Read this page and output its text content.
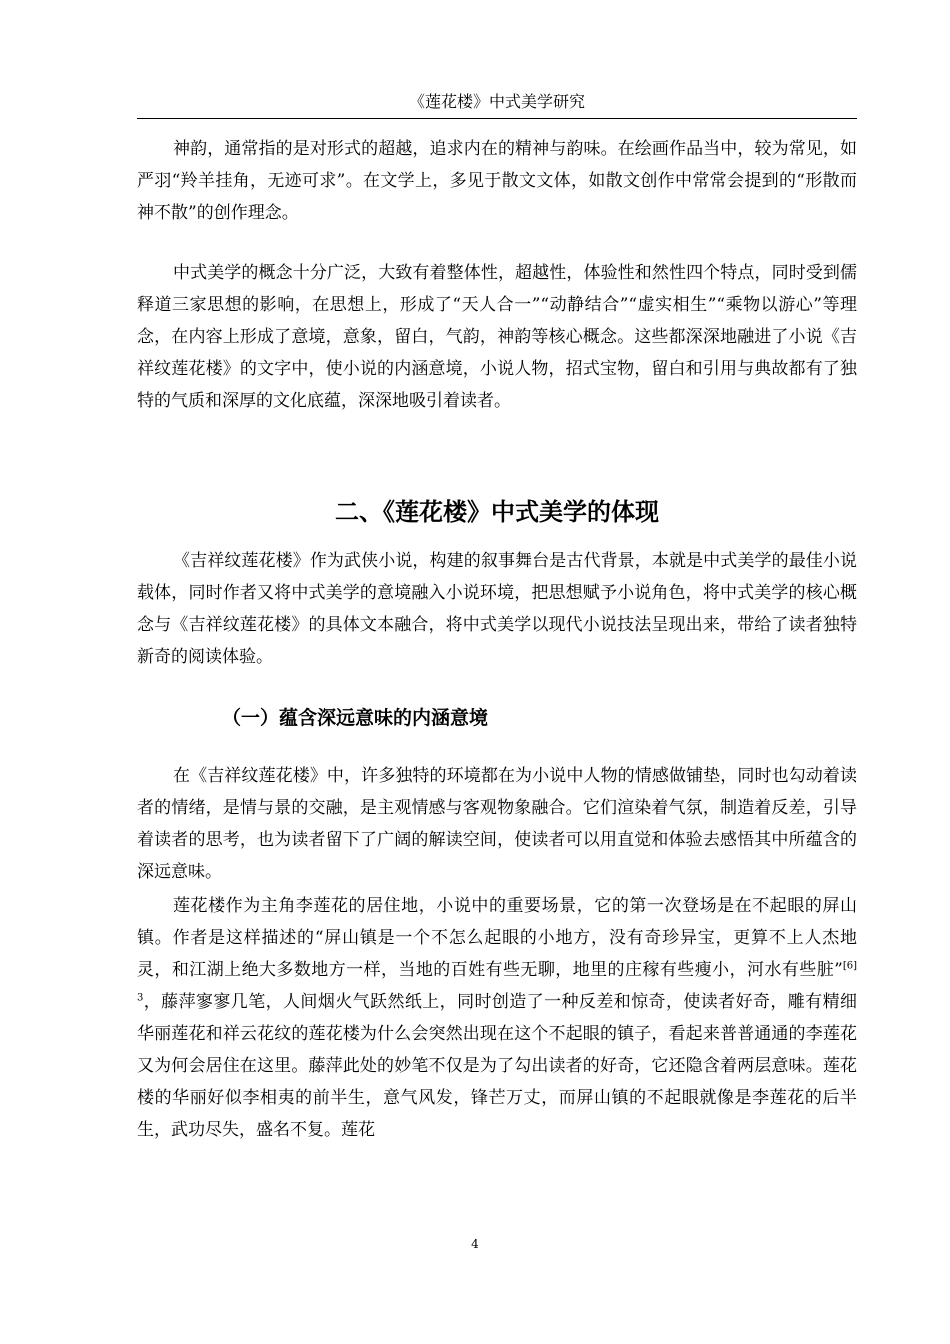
《莲花楼》中式美学研究

神韵，通常指的是对形式的超越，追求内在的精神与韵味。在绘画作品当中，较为常见，如严羽“羚羊挂角，无迹可求”。在文学上，多见于散文文体，如散文创作中常常会提到的“形散而神不散”的创作理念。

中式美学的概念十分广泛，大致有着整体性，超越性，体验性和然性四个特点，同时受到儒释道三家思想的影响，在思想上，形成了“天人合一”“动静结合”“虚实相生”“乘物以游心”等理念，在内容上形成了意境，意象，留白，气韵，神韵等核心概念。这些都深深地融进了小说《吉祥纹莲花楼》的文字中，使小说的内涵意境，小说人物，招式宝物，留白和引用与典故都有了独特的气质和深厚的文化底蕴，深深地吸引着读者。

二、《莲花楼》中式美学的体现

《吉祥纹莲花楼》作为武侠小说，构建的叙事舞台是古代背景，本就是中式美学的最佳小说载体，同时作者又将中式美学的意境融入小说环境，把思想赋予小说角色，将中式美学的核心概念与《吉祥纹莲花楼》的具体文本融合，将中式美学以现代小说技法呈现出来，带给了读者独特新奇的阅读体验。

（一）蕴含深远意味的内涵意境

在《吉祥纹莲花楼》中，许多独特的环境都在为小说中人物的情感做铺垫，同时也勾动着读者的情绪，是情与景的交融，是主观情感与客观物象融合。它们渲染着气氛，制造着反差，引导着读者的思考，也为读者留下了广阔的解读空间，使读者可以用直觉和体验去感悟其中所蕴含的深远意味。

莲花楼作为主角李莲花的居住地，小说中的重要场景，它的第一次登场是在不起眼的屏山镇。作者是这样描述的“屏山镇是一个不怎么起眼的小地方，没有奇珍异宝，更算不上人杰地灵，和江湖上绝大多数地方一样，当地的百姓有些无聊，地里的庄稼有些瘦小，河水有些脏”$^{[6]3}$，藤萍寥寥几笔，人间烟火气跃然纸上，同时创造了一种反差和惊奇，使读者好奇，雕有精细华丽莲花和祥云花纹的莲花楼为什么会突然出现在这个不起眼的镇子，看起来普普通通的李莲花又为何会居住在这里。藤萍此处的妙笔不仅是为了勾出读者的好奇，它还隐含着两层意味。莲花楼的华丽好似李相夷的前半生，意气风发，锋芒万丈，而屏山镇的不起眼就像是李莲花的后半生，武功尽失，盛名不复。莲花

4
